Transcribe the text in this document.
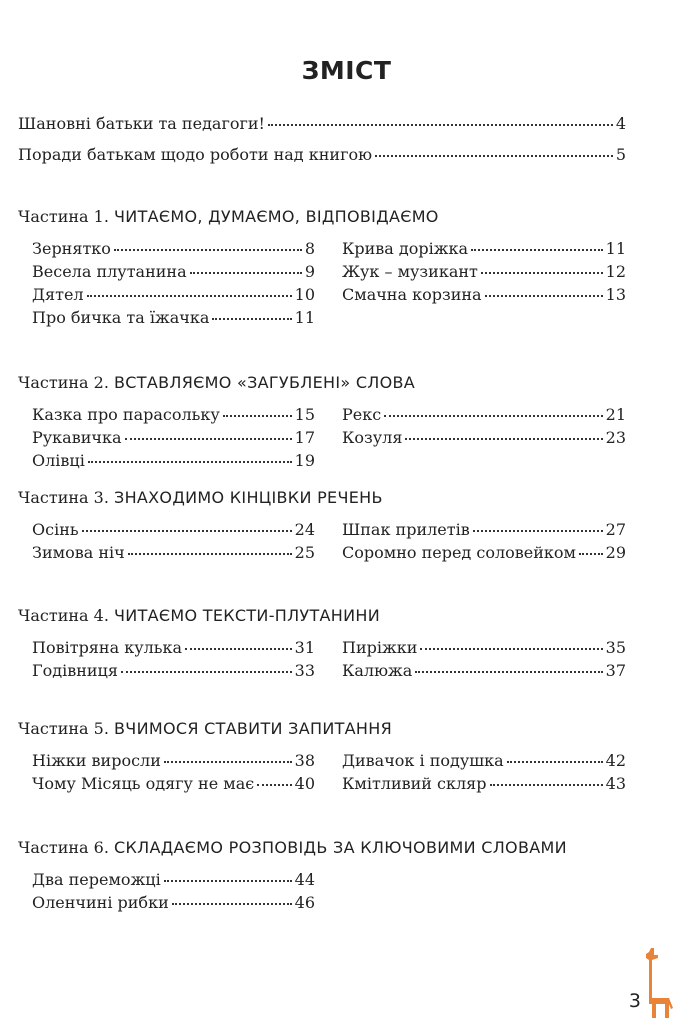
ЗМІСТ
Шановні батьки та педагоги!	4
Поради батькам щодо роботи над книгою	5
Частина 1. ЧИТАЄМО, ДУМАЄМО, ВІДПОВІДАЄМО
Зернятко	8
Весела плутанина	9
Дятел	10
Про бичка та їжачка	11
Крива доріжка	11
Жук – музикант	12
Смачна корзина	13
Частина 2. ВСТАВЛЯЄМО «ЗАГУБЛЕНІ» СЛОВА
Казка про парасольку	15
Рукавичка	17
Олівці	19
Рекс	21
Козуля	23
Частина 3. ЗНАХОДИМО КІНЦІВКИ РЕЧЕНЬ
Осінь	24
Зимова ніч	25
Шпак прилетів	27
Соромно перед соловейком 29
Частина 4. ЧИТАЄМО ТЕКСТИ-ПЛУТАНИНИ
Повітряна кулька	31
Годівниця	33
Пиріжки	35
Калюжа	37
Частина 5. ВЧИМОСЯ СТАВИТИ ЗАПИТАННЯ
Ніжки виросли	38
Чому Місяць одягу не має	40
Дивачок і подушка	42
Кмітливий скляр	43
Частина 6. СКЛАДАЄМО РОЗПОВІДЬ ЗА КЛЮЧОВИМИ СЛОВАМИ
Два переможці	44
Оленчині рибки	46
3
